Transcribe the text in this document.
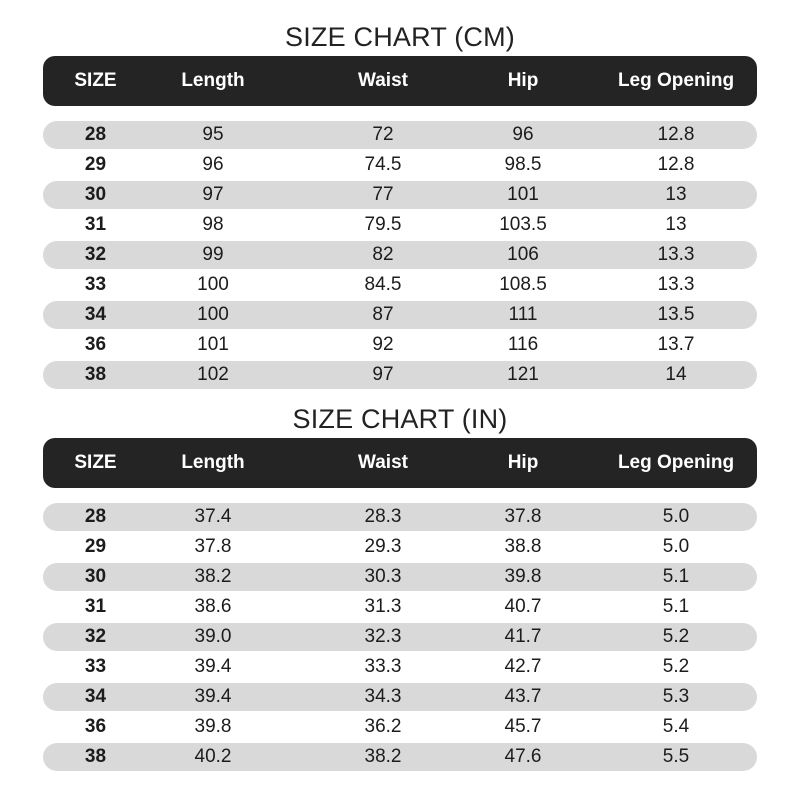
SIZE CHART (CM)
SIZE	Length	Waist	Hip	Leg Opening
28	95	72	96	12.8
29	96	74.5	98.5	12.8
30	97	77	101	13
31	98	79.5	103.5	13
32	99	82	106	13.3
33	100	84.5	108.5	13.3
34	100	87	111	13.5
36	101	92	116	13.7
38	102	97	121	14
SIZE CHART (IN)
SIZE	Length	Waist	Hip	Leg Opening
28	37.4	28.3	37.8	5.0
29	37.8	29.3	38.8	5.0
30	38.2	30.3	39.8	5.1
31	38.6	31.3	40.7	5.1
32	39.0	32.3	41.7	5.2
33	39.4	33.3	42.7	5.2
34	39.4	34.3	43.7	5.3
36	39.8	36.2	45.7	5.4
38	40.2	38.2	47.6	5.5
